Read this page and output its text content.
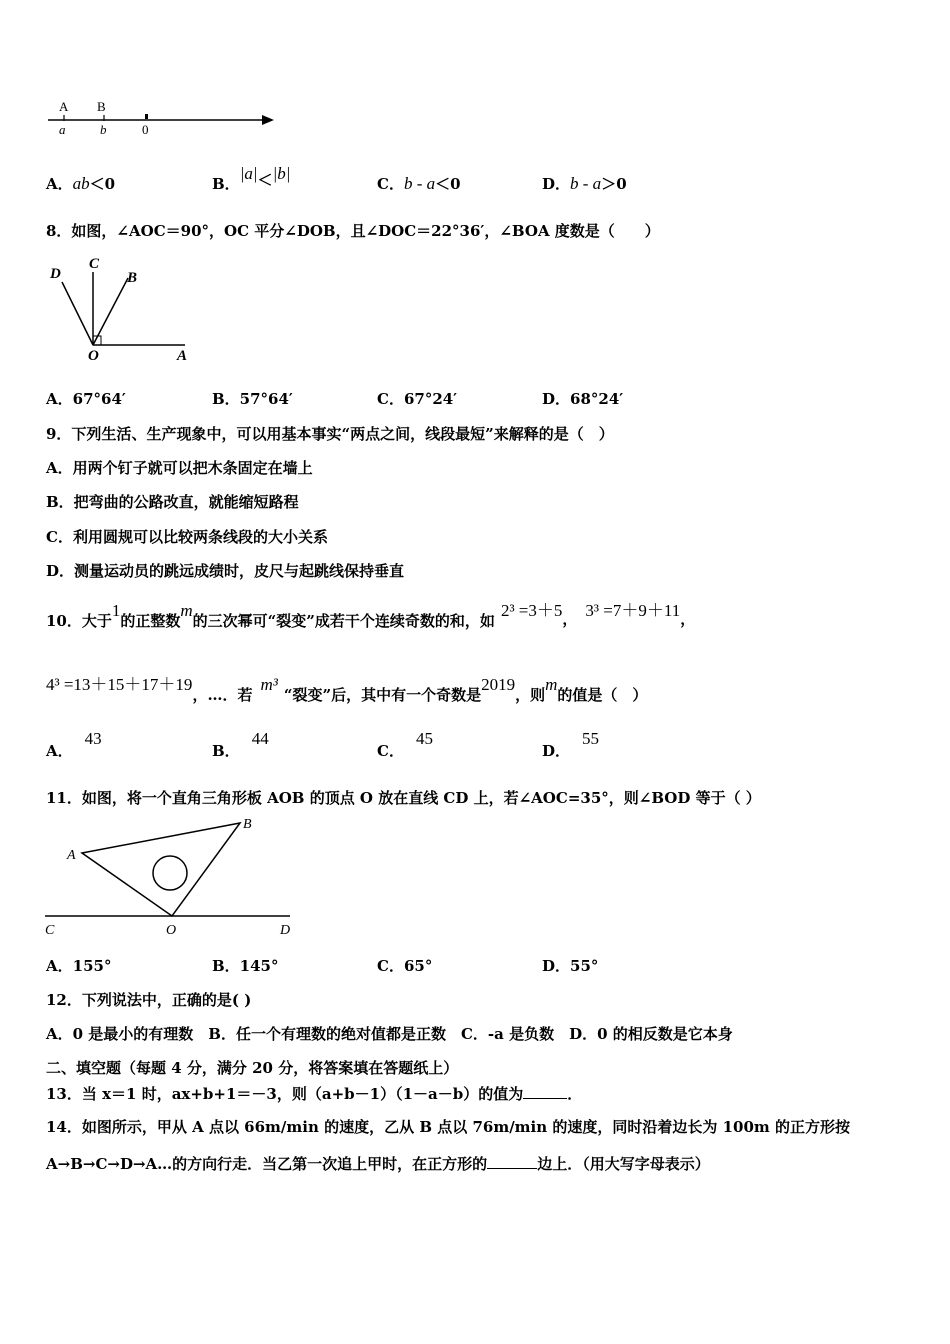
A B
a	b	0
A．ab＜0	B．|a|＜|b|
C．b - a＜0	D．b - a＞0
8．如图，∠AOC＝90°，OC 平分∠DOB，且∠DOC＝22°36′，∠BOA 度数是（　　）
D
C
B
O	A
A．67°64′	B．57°64′	C．67°24′	D．68°24′
9．下列生活、生产现象中，可以用基本事实“两点之间，线段最短”来解释的是（　）
A．用两个钉子就可以把木条固定在墙上
B．把弯曲的公路改直，就能缩短路程
C．利用圆规可以比较两条线段的大小关系
D．测量运动员的跳远成绩时，皮尺与起跳线保持垂直
10．大于1的正整数m的三次幂可“裂变”成若干个连续奇数的和，如2³ =3＋5， 3³ =7＋9＋11，
4³ =13＋15＋17＋19，…．若m³“裂变”后，其中有一个奇数是2019，则m的值是（　）
A．43
B．44
C．45
D．55
11．如图，将一个直角三角形板 AOB 的顶点 O 放在直线 CD 上，若∠AOC=35°，则∠BOD 等于（ ）
A
B
C	O	D
A．155°	B．145°	C．65°	D．55°
12．下列说法中，正确的是( )
A．0 是最小的有理数　B．任一个有理数的绝对值都是正数　C．-a 是负数　D．0 的相反数是它本身
二、填空题（每题 4 分，满分 20 分，将答案填在答题纸上）
13．当 x＝1 时，ax+b+1＝－3，则（a+b－1）（1－a－b）的值为	．
14．如图所示，甲从 A 点以 66m/min 的速度，乙从 B 点以 76m/min 的速度，同时沿着边长为 100m 的正方形按
A→B→C→D→A…的方向行走．当乙第一次追上甲时，在正方形的	边上．（用大写字母表示）
